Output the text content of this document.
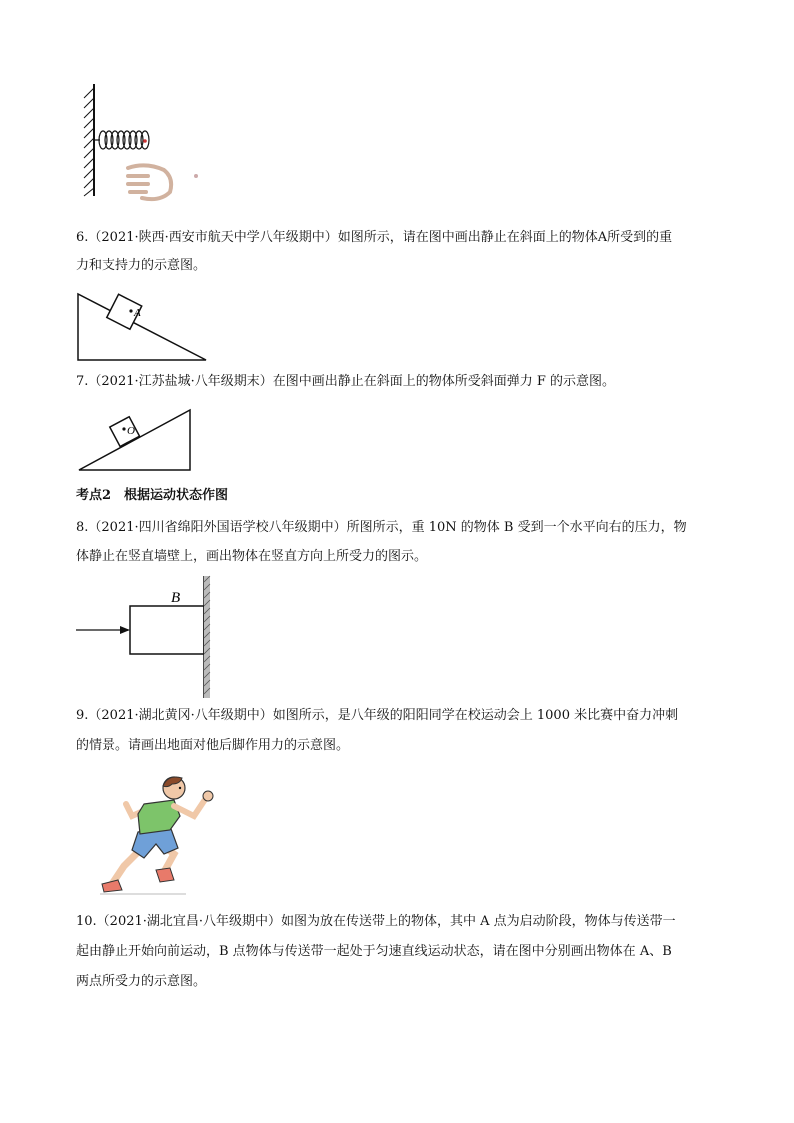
6.（2021·陕西·西安市航天中学八年级期中）如图所示，请在图中画出静止在斜面上的物体A所受到的重
力和支持力的示意图。
A
7.（2021·江苏盐城·八年级期末）在图中画出静止在斜面上的物体所受斜面弹力 F 的示意图。
O
考点2　根据运动状态作图
8.（2021·四川省绵阳外国语学校八年级期中）所图所示，重 10N 的物体 B 受到一个水平向右的压力，物
体静止在竖直墙壁上，画出物体在竖直方向上所受力的图示。
B
9.（2021·湖北黄冈·八年级期中）如图所示，是八年级的阳阳同学在校运动会上 1000 米比赛中奋力冲刺
的情景。请画出地面对他后脚作用力的示意图。
10.（2021·湖北宜昌·八年级期中）如图为放在传送带上的物体，其中 A 点为启动阶段，物体与传送带一
起由静止开始向前运动，B 点物体与传送带一起处于匀速直线运动状态，请在图中分别画出物体在 A、B
两点所受力的示意图。
